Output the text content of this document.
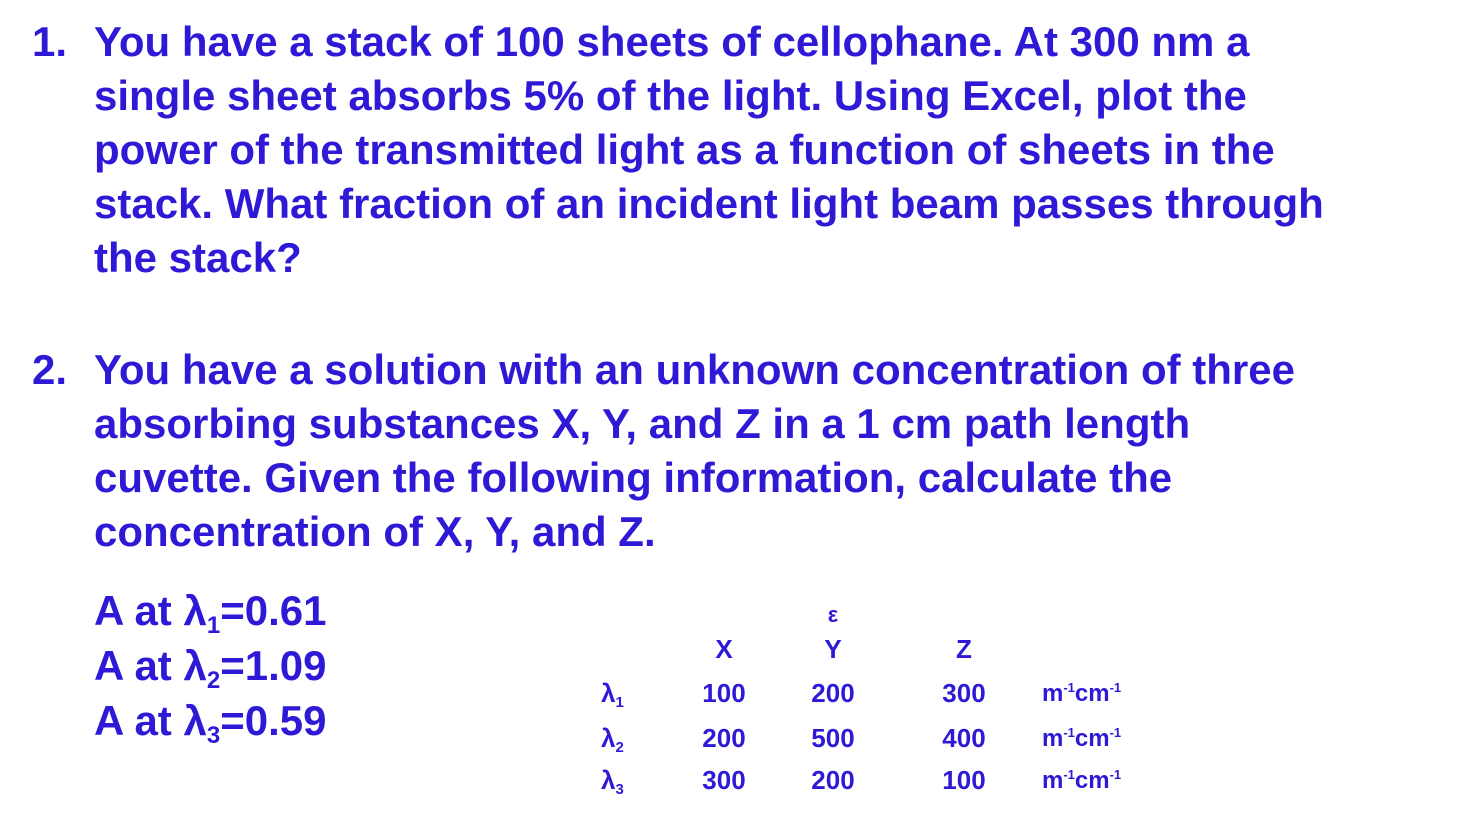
1. You have a stack of 100 sheets of cellophane. At 300 nm a
single sheet absorbs 5% of the light. Using Excel, plot the
power of the transmitted light as a function of sheets in the
stack. What fraction of an incident light beam passes through
the stack?
2. You have a solution with an unknown concentration of three
absorbing substances X, Y, and Z in a 1 cm path length
cuvette. Given the following information, calculate the
concentration of X, Y, and Z.
A at $\lambda_1=0.61$
A at $\lambda_2=1.09$
A at $\lambda_3=0.59$
ε
X	Y	Z
$\lambda_1$	100	200	300 $m^{-1}cm^{-1}$
$\lambda_2$	200	500	400 $m^{-1}cm^{-1}$
$\lambda_3$	300	200	100 $m^{-1}cm^{-1}$
